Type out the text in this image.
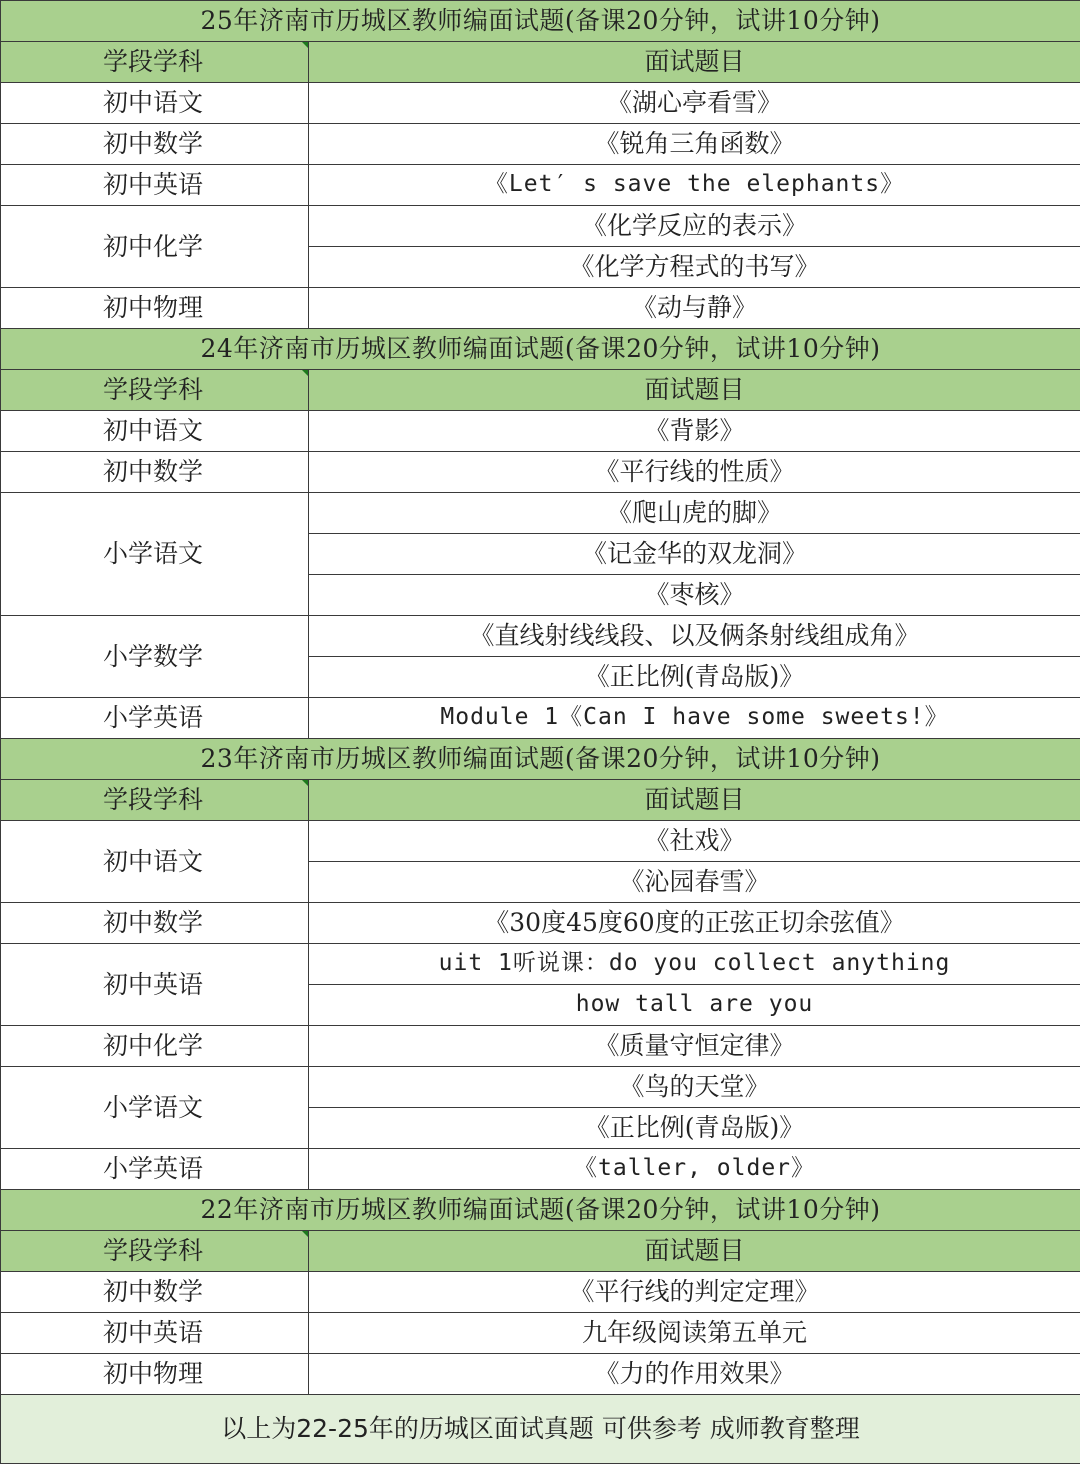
25年济南市历城区教师编面试题(备课20分钟，试讲10分钟)	
学段学科	面试题目
初中语文	《湖心亭看雪》
初中数学	《锐角三角函数》
初中英语	《Let′ s save the elephants》
初中化学	《化学反应的表示》
	《化学方程式的书写》
初中物理	《动与静》
24年济南市历城区教师编面试题(备课20分钟，试讲10分钟)	
学段学科	面试题目
初中语文	《背影》
初中数学	《平行线的性质》
小学语文	《爬山虎的脚》
	《记金华的双龙洞》
	《枣核》
小学数学	《直线射线线段、以及俩条射线组成角》
	《正比例(青岛版)》
小学英语	Module 1《Can I have some sweets!》
23年济南市历城区教师编面试题(备课20分钟，试讲10分钟)	
学段学科	面试题目
初中语文	《社戏》
	《沁园春雪》
初中数学	《30度45度60度的正弦正切余弦值》
初中英语	uit 1听说课：do you collect anything
	how tall are you
初中化学	《质量守恒定律》
小学语文	《鸟的天堂》
	《正比例(青岛版)》
小学英语	《taller, older》
22年济南市历城区教师编面试题(备课20分钟，试讲10分钟)	
学段学科	面试题目
初中数学	《平行线的判定定理》
初中英语	九年级阅读第五单元
初中物理	《力的作用效果》
以上为22-25年的历城区面试真题 可供参考 成师教育整理	
